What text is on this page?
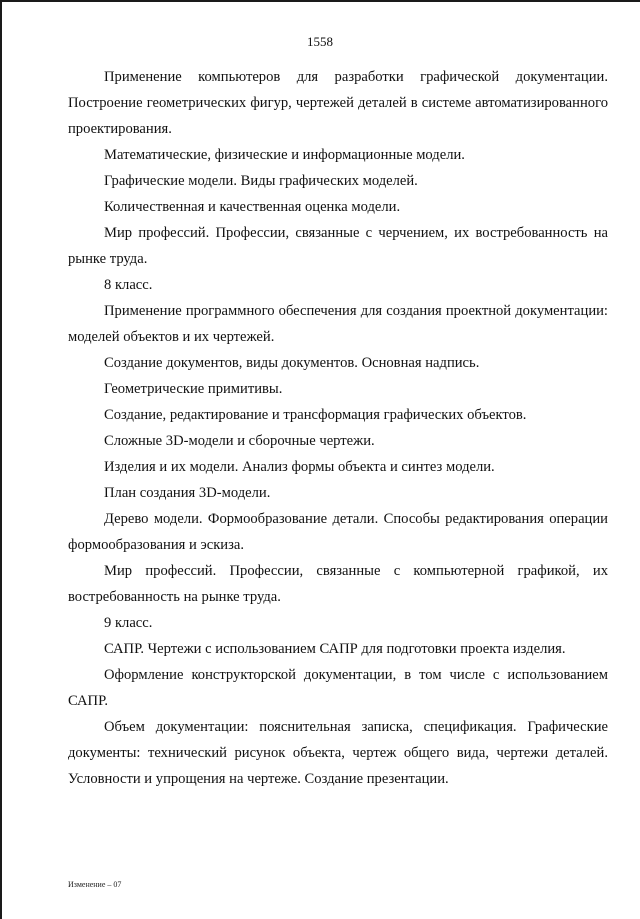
1558

Применение компьютеров для разработки графической документации. Построение геометрических фигур, чертежей деталей в системе автоматизированного проектирования.

Математические, физические и информационные модели.

Графические модели. Виды графических моделей.

Количественная и качественная оценка модели.

Мир профессий. Профессии, связанные с черчением, их востребованность на рынке труда.

8 класс.

Применение программного обеспечения для создания проектной документации: моделей объектов и их чертежей.

Создание документов, виды документов. Основная надпись.

Геометрические примитивы.

Создание, редактирование и трансформация графических объектов.

Сложные 3D-модели и сборочные чертежи.

Изделия и их модели. Анализ формы объекта и синтез модели.

План создания 3D-модели.

Дерево модели. Формообразование детали. Способы редактирования операции формообразования и эскиза.

Мир профессий. Профессии, связанные с компьютерной графикой, их востребованность на рынке труда.

9 класс.

САПР. Чертежи с использованием САПР для подготовки проекта изделия.

Оформление конструкторской документации, в том числе с использованием САПР.

Объем документации: пояснительная записка, спецификация. Графические документы: технический рисунок объекта, чертеж общего вида, чертежи деталей. Условности и упрощения на чертеже. Создание презентации.

Изменение – 07
